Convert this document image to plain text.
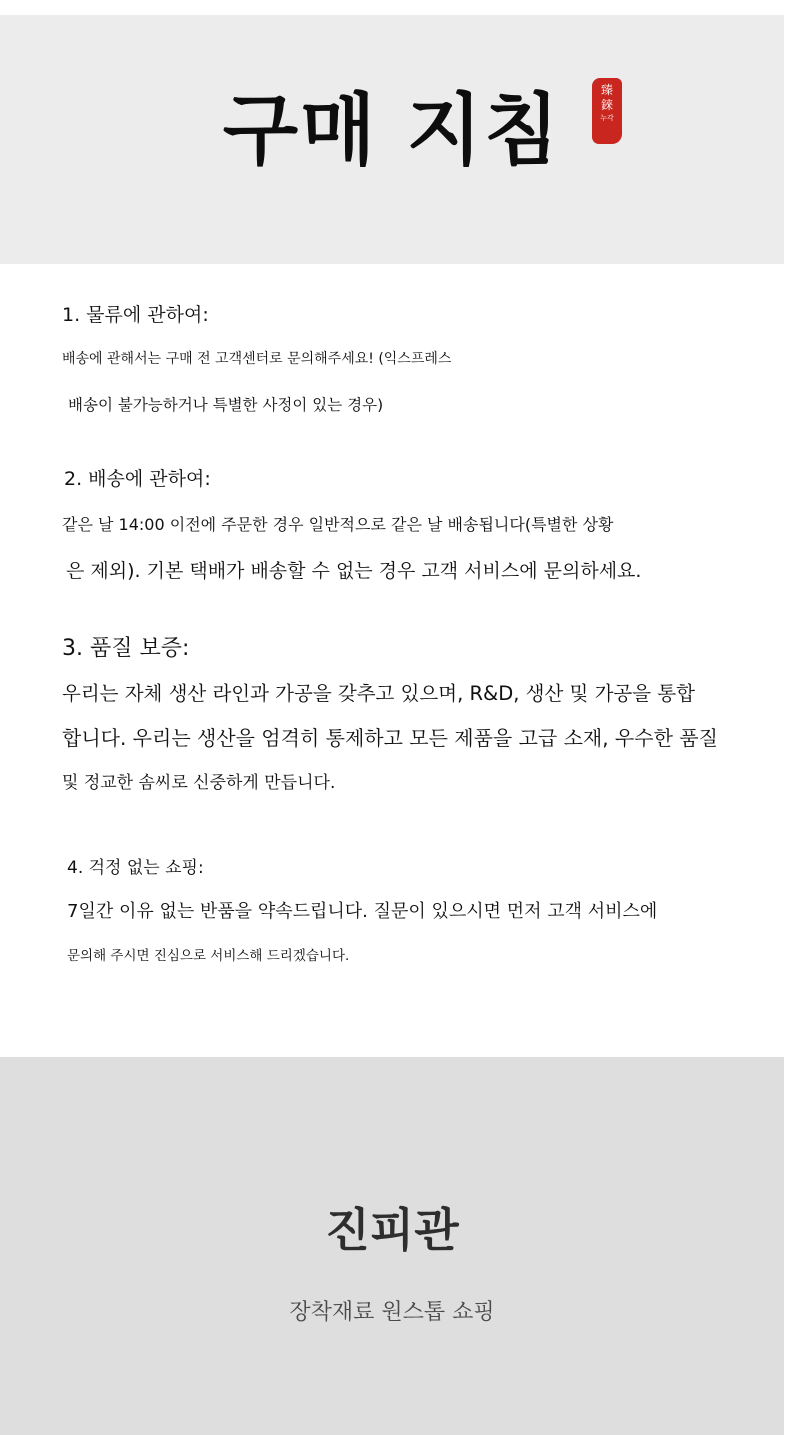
구매 지침	臻
錸
누각
1. 물류에 관하여:
배송에 관해서는 구매 전 고객센터로 문의해주세요! (익스프레스
배송이 불가능하거나 특별한 사정이 있는 경우)
2. 배송에 관하여:
같은 날 14:00 이전에 주문한 경우 일반적으로 같은 날 배송됩니다(특별한 상황
은 제외). 기본 택배가 배송할 수 없는 경우 고객 서비스에 문의하세요.
3. 품질 보증:
우리는 자체 생산 라인과 가공을 갖추고 있으며, R&D, 생산 및 가공을 통합
합니다. 우리는 생산을 엄격히 통제하고 모든 제품을 고급 소재, 우수한 품질
및 정교한 솜씨로 신중하게 만듭니다.
4. 걱정 없는 쇼핑:
7일간 이유 없는 반품을 약속드립니다. 질문이 있으시면 먼저 고객 서비스에
문의해 주시면 진심으로 서비스해 드리겠습니다.
진피관
장착재료 원스톱 쇼핑
